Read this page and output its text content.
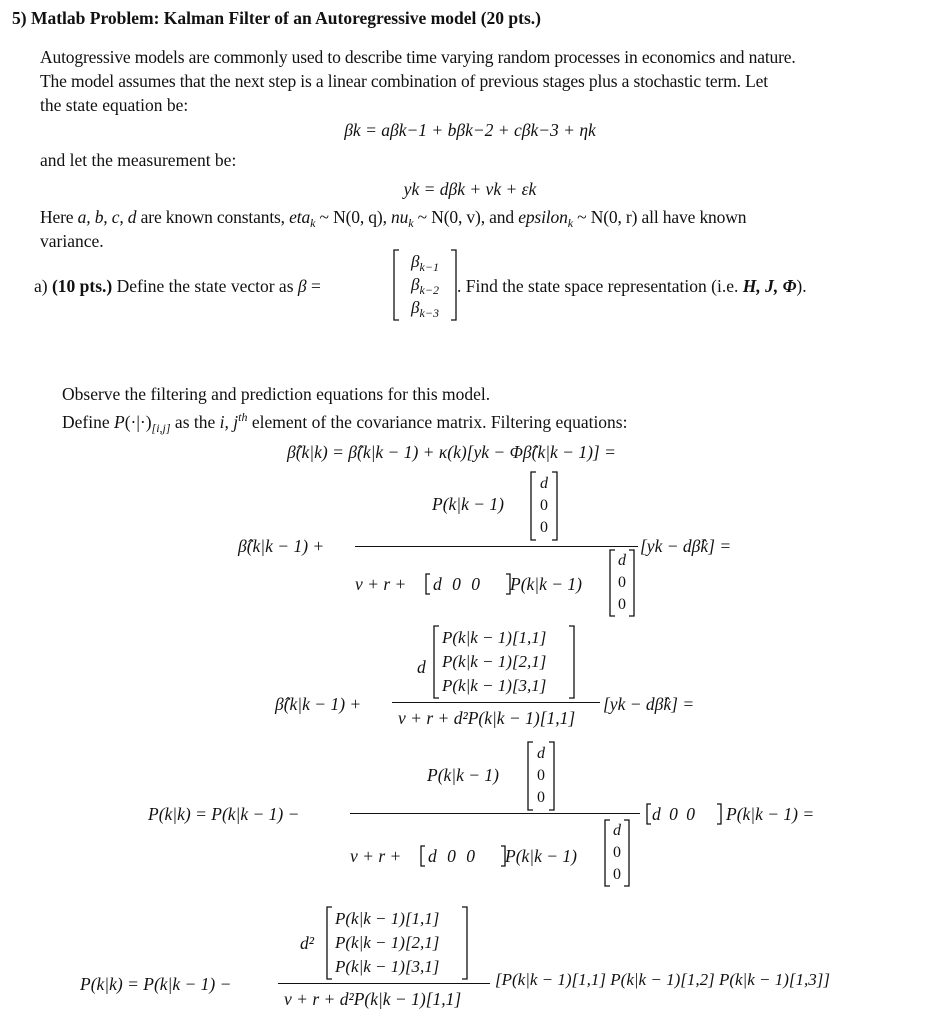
5) Matlab Problem: Kalman Filter of an Autoregressive model (20 pts.)
Autogressive models are commonly used to describe time varying random processes in economics and nature.
The model assumes that the next step is a linear combination of previous stages plus a stochastic term. Let
the state equation be:
βk = aβk−1 + bβk−2 + cβk−3 + ηk
and let the measurement be:
yk = dβk + νk + εk
Here a, b, c, d are known constants, eta$_k$ ~ N(0, q), $nu_k$ ~ N(0, v), and epsilon$_k$ ~ N(0, r) all have known
variance.
a) (10 pts.) Define the state vector as β =
$\beta_{k-1}$
$\beta_{k-2}$
$\beta_{k-3}$
. Find the state space representation (i.e. H, J, Φ).
Observe the filtering and prediction equations for this model.
Define $P(\cdot|\cdot)_{[i,j]}$ as the i, $j^{th}$ element of the covariance matrix. Filtering equations:
β̂(k|k) = β̂(k|k − 1) + κ(k)[yk − Φβ̂(k|k − 1)] =
β̂(k|k − 1) +
P(k|k − 1)
d
0
0
v + r +	d 0 0 P(k|k − 1)
d
0
0
[yk − dβ̂k] =
β̂(k|k − 1) +
d
P(k|k − 1)[1,1]
P(k|k − 1)[2,1]
P(k|k − 1)[3,1]
v + r + d²P(k|k − 1)[1,1]
[yk − dβ̂k] =
P(k|k) = P(k|k − 1) −
P(k|k − 1)
d
0
0
v + r +	d 0 0 P(k|k − 1)
d
0
0
d 0 0 P(k|k − 1) =
P(k|k) = P(k|k − 1) −
d²
P(k|k − 1)[1,1]
P(k|k − 1)[2,1]
P(k|k − 1)[3,1]
v + r + d²P(k|k − 1)[1,1]
[P(k|k − 1)[1,1] P(k|k − 1)[1,2] P(k|k − 1)[1,3]]
